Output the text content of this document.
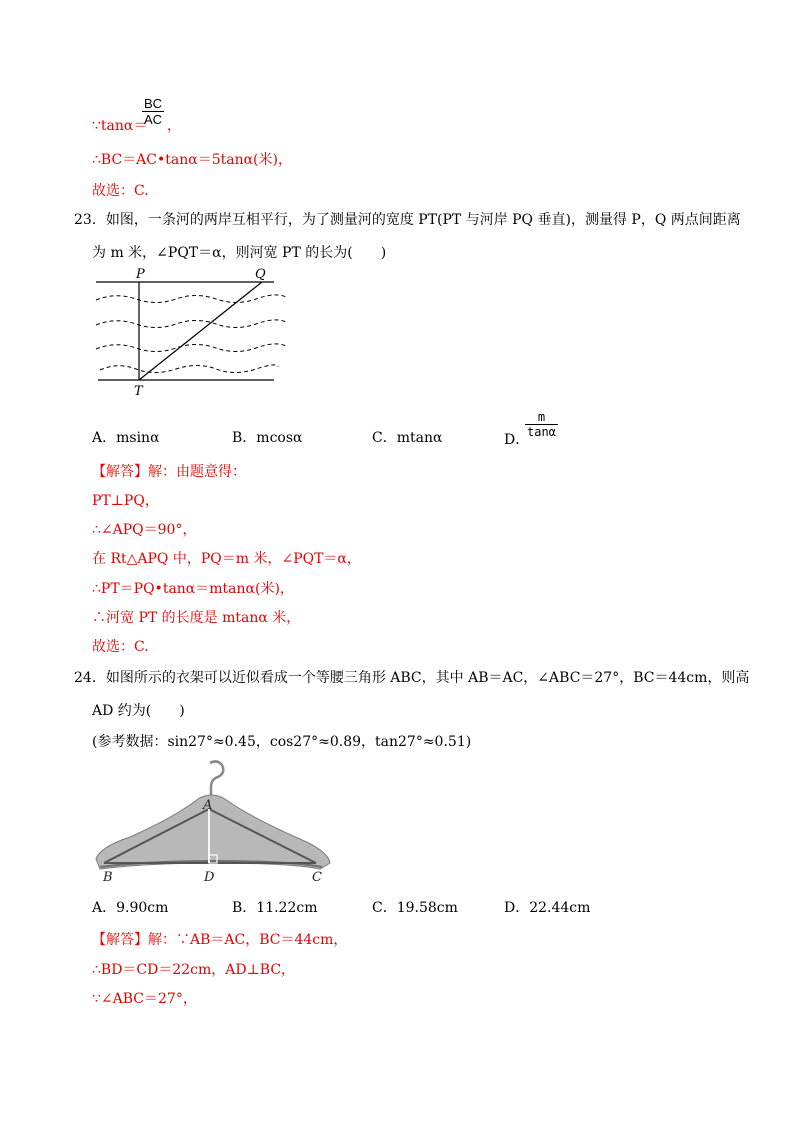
∵tanα＝
$\frac{BC}{AC}$ ，
∴BC＝AC•tanα＝5tanα(米)，
故选：C.
23．如图，一条河的两岸互相平行，为了测量河的宽度 PT(PT 与河岸 PQ 垂直)，测量得 P，Q 两点间距离
为 m 米，∠PQT＝α，则河宽 PT 的长为(　　)
P	Q
T
A．msinα	B．mcosα	C．mtanα	D．
$\frac{m}{\tan\alpha}$
【解答】解：由题意得：
PT⊥PQ，
∴∠APQ＝90°，
在 Rt△APQ 中，PQ＝m 米，∠PQT＝α，
∴PT＝PQ•tanα＝mtanα(米)，
∴河宽 PT 的长度是 mtanα 米，
故选：C.
24．如图所示的衣架可以近似看成一个等腰三角形 ABC，其中 AB＝AC，∠ABC＝27°，BC＝44cm，则高
AD 约为(　　)
(参考数据：sin27°≈0.45，cos27°≈0.89，tan27°≈0.51)
A
B	D	C
A．9.90cm	B．11.22cm	C．19.58cm	D．22.44cm
【解答】解：∵AB＝AC，BC＝44cm，
∴BD＝CD＝22cm，AD⊥BC，
∵∠ABC＝27°，
